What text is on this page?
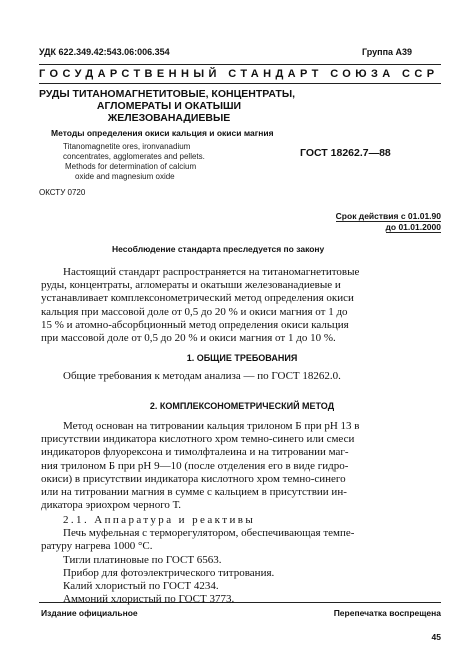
УДК 622.349.42:543.06:006.354	Группа А39
ГОСУДАРСТВЕННЫЙ СТАНДАРТ СОЮЗА ССР
РУДЫ ТИТАНОМАГНЕТИТОВЫЕ, КОНЦЕНТРАТЫ,
АГЛОМЕРАТЫ И ОКАТЫШИ
ЖЕЛЕЗОВАНАДИЕВЫЕ
Методы определения окиси кальция и окиси магния
Titanomagnetite ores, ironvanadium
concentrates, agglomerates and pellets.
Methods for determination of calcium
oxide and magnesium oxide
ГОСТ 18262.7—88
ОКСТУ 0720
Срок действия с 01.01.90
до 01.01.2000
Несоблюдение стандарта преследуется по закону
Настоящий стандарт распространяется на титаномагнетитовые
руды, концентраты, агломераты и окатыши железованадиевые и
устанавливает комплексонометрический метод определения окиси
кальция при массовой доле от 0,5 до 20 % и окиси магния от 1 до
15 % и атомно-абсорбционный метод определения окиси кальция
при массовой доле от 0,5 до 20 % и окиси магния от 1 до 10 %.
1. ОБЩИЕ ТРЕБОВАНИЯ
Общие требования к методам анализа — по ГОСТ 18262.0.
2. КОМПЛЕКСОНОМЕТРИЧЕСКИЙ МЕТОД
Метод основан на титровании кальция трилоном Б при рН 13 в
присутствии индикатора кислотного хром темно-синего или смеси
индикаторов флуорексона и тимолфталеина и на титровании маг-
ния трилоном Б при рН 9—10 (после отделения его в виде гидро-
окиси) в присутствии индикатора кислотного хром темно-синего
или на титровании магния в сумме с кальцием в присутствии ин-
дикатора эриохром черного Т.
2.1. Аппаратура и реактивы
Печь муфельная с терморегулятором, обеспечивающая темпе-
ратуру нагрева 1000 °С.
Тигли платиновые по ГОСТ 6563.
Прибор для фотоэлектрического титрования.
Калий хлористый по ГОСТ 4234.
Аммоний хлористый по ГОСТ 3773.
Издание официальное	Перепечатка воспрещена
45
